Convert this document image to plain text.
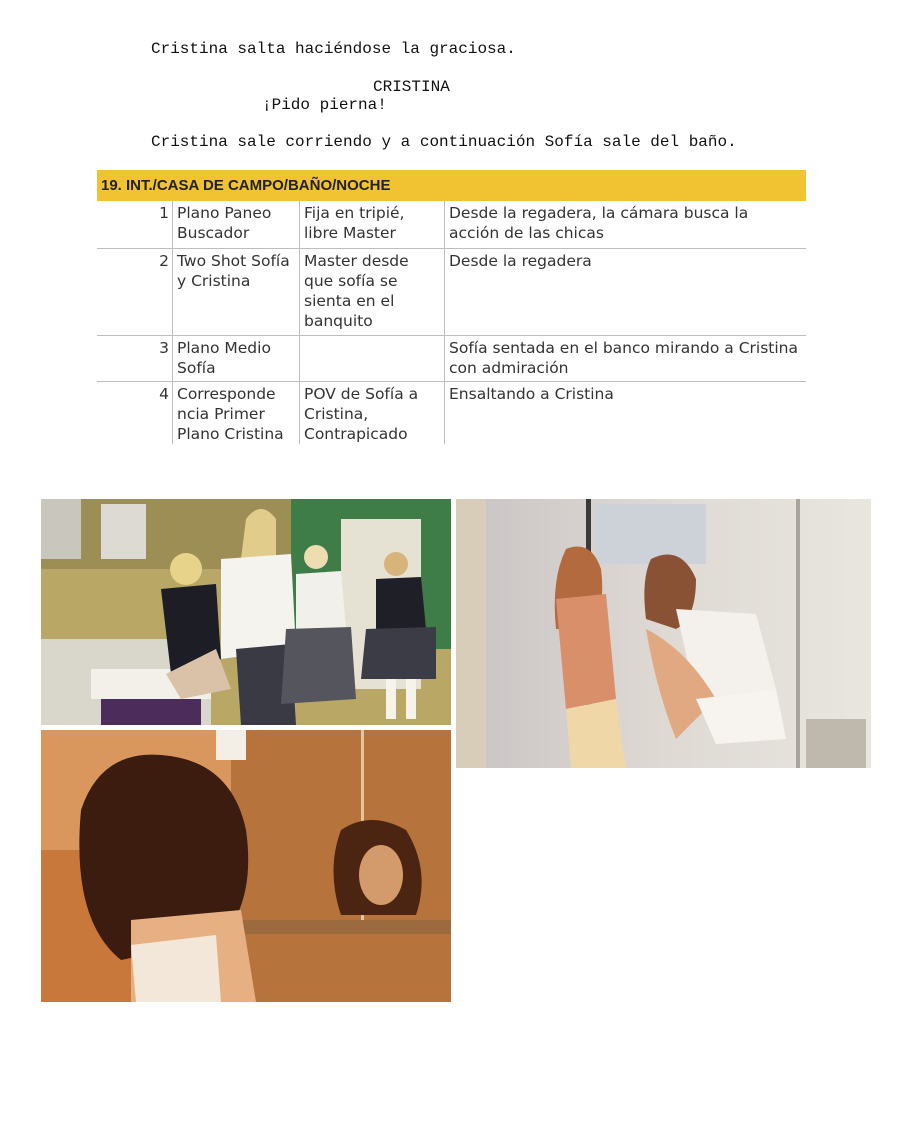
Cristina salta haciéndose la graciosa.
CRISTINA
¡Pido pierna!
Cristina sale corriendo y a continuación Sofía sale del baño.
19. INT./CASA DE CAMPO/BAÑO/NOCHE
1	Plano Paneo Buscador	Fija en tripié, libre Master	Desde la regadera, la cámara busca la acción de las chicas
2	Two Shot Sofía y Cristina	Master desde que sofía se sienta en el banquito	Desde la regadera
3	Plano Medio Sofía		Sofía sentada en el banco mirando a Cristina con admiración
4	Corresponde ncia Primer Plano Cristina	POV de Sofía a Cristina, Contrapicado	Ensaltando a Cristina
